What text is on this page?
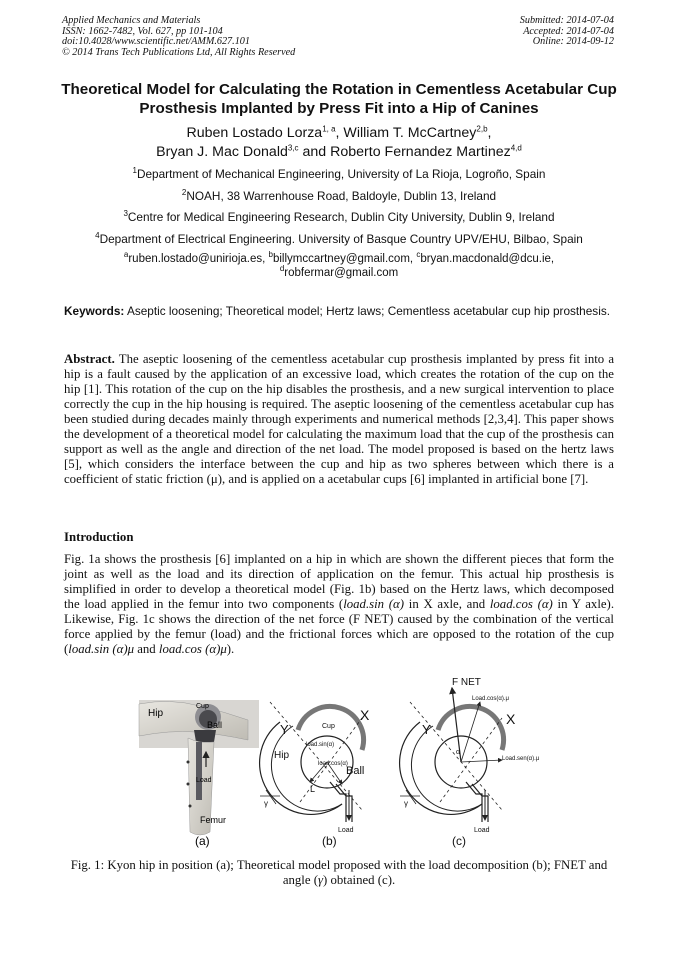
Applied Mechanics and Materials
ISSN: 1662-7482, Vol. 627, pp 101-104
doi:10.4028/www.scientific.net/AMM.627.101
© 2014 Trans Tech Publications Ltd, All Rights Reserved
Submitted: 2014-07-04
Accepted: 2014-07-04
Online: 2014-09-12
Theoretical Model for Calculating the Rotation in Cementless Acetabular Cup Prosthesis Implanted by Press Fit into a Hip of Canines
Ruben Lostado Lorza$^{1, a}$, William T. McCartney$^{2,b}$,
Bryan J. Mac Donald$^{3,c}$ and Roberto Fernandez Martinez$^{4,d}$
$^1$Department of Mechanical Engineering, University of La Rioja, Logroño, Spain
$^2$NOAH, 38 Warrenhouse Road, Baldoyle, Dublin 13, Ireland
$^3$Centre for Medical Engineering Research, Dublin City University, Dublin 9, Ireland
$^4$Department of Electrical Engineering. University of Basque Country UPV/EHU, Bilbao, Spain
$^a$ruben.lostado@unirioja.es, $^b$billymccartney@gmail.com, $^c$bryan.macdonald@dcu.ie,
$^d$robfermar@gmail.com
Keywords: Aseptic loosening; Theoretical model; Hertz laws; Cementless acetabular cup hip prosthesis.
Abstract. The aseptic loosening of the cementless acetabular cup prosthesis implanted by press fit into a hip is a fault caused by the application of an excessive load, which creates the rotation of the cup on the hip [1]. This rotation of the cup on the hip disables the prosthesis, and a new surgical intervention to place correctly the cup in the hip housing is required. The aseptic loosening of the cementless acetabular cup has been studied during decades mainly through experiments and numerical methods [2,3,4]. This paper shows the development of a theoretical model for calculating the maximum load that the cup of the prosthesis can support as well as the angle and direction of the net load. The model proposed is based on the hertz laws [5], which considers the interface between the cup and hip as two spheres between which there is a coefficient of static friction (μ), and is applied on a acetabular cups [6] implanted in artificial bone [7].
Introduction
Fig. 1a shows the prosthesis [6] implanted on a hip in which are shown the different pieces that form the joint as well as the load and its direction of application on the femur. This actual hip prosthesis is simplified in order to develop a theoretical model (Fig. 1b) based on the Hertz laws, which decomposed the load applied in the femur into two components (load.sin (α) in X axle, and load.cos (α) in Y axle). Likewise, Fig. 1c shows the direction of the net force (F NET) caused by the combination of the vertical force applied by the femur (load) and the frictional forces which are opposed to the rotation of the cup (load.sin (α)μ and load.cos (α)μ).
Hip
Cup
Ball
Load
Femur
(a)
Y
X
Hip
Cup
load.sin(α)
load.cos(α)
Ball
L
γ
Load
(b)
F NET
Y
X
Load.cos(α).μ
Load.sen(α).μ
α
γ
Load
(c)
Fig. 1: Kyon hip in position (a); Theoretical model proposed with the load decomposition (b); FNET and angle (γ) obtained (c).
